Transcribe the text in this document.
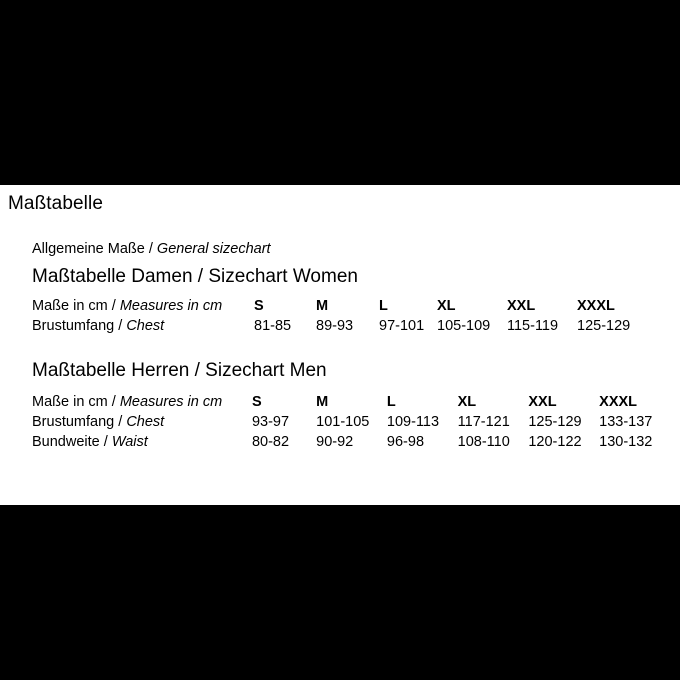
Maßtabelle
Allgemeine Maße / General sizechart
Maßtabelle Damen / Sizechart Women
Maße in cm / Measures in cm	S	M	L	XL	XXL	XXXL
Brustumfang / Chest	81-85	89-93	97-101	105-109	115-119	125-129
Maßtabelle Herren / Sizechart Men
Maße in cm / Measures in cm	S	M	L	XL	XXL	XXXL
Brustumfang / Chest	93-97	101-105	109-113	117-121	125-129	133-137
Bundweite / Waist	80-82	90-92	96-98	108-110	120-122	130-132
